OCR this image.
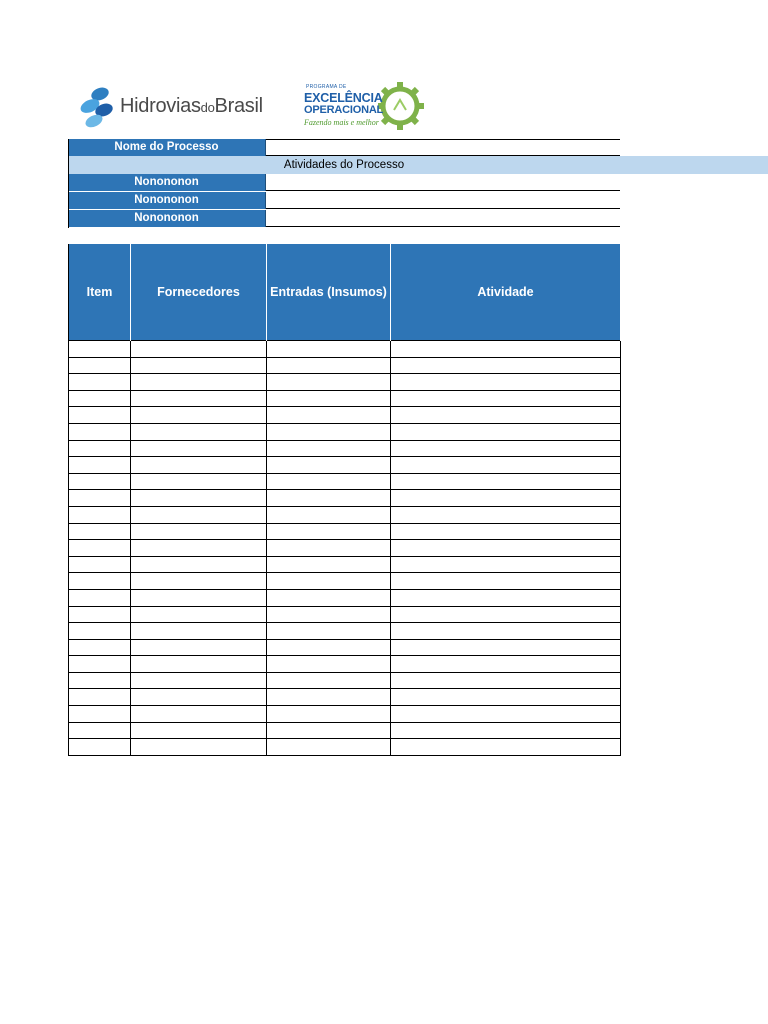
HidroviasdoBrasil
PROGRAMA DE
EXCELÊNCIA
OPERACIONAL
Fazendo mais e melhor
Nome do Processo
Atividades do Processo
Nonononon
Nonononon
Nonononon
Item	Fornecedores	Entradas (Insumos)	Atividade
